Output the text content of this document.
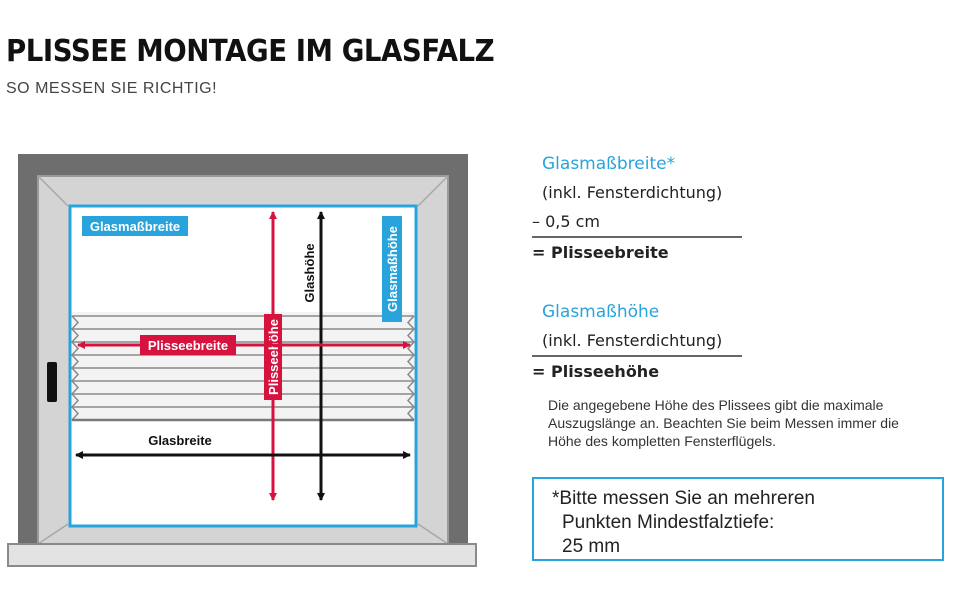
PLISSEE MONTAGE IM GLASFALZ

SO MESSEN SIE RICHTIG!

Glasmaßbreite	Glasmaßhöhe
Glashöhe
Plisseehöhe
Plisseebreite
Glasbreite
Glasmaßbreite*
(inkl. Fensterdichtung)
– 0,5 cm
= Plisseebreite
Glasmaßhöhe
(inkl. Fensterdichtung)
= Plisseehöhe
Die angegebene Höhe des Plissees gibt die maximale
Auszugslänge an. Beachten Sie beim Messen immer die
Höhe des kompletten Fensterflügels.
*Bitte messen Sie an mehreren
Punkten Mindestfalztiefe:
25 mm
